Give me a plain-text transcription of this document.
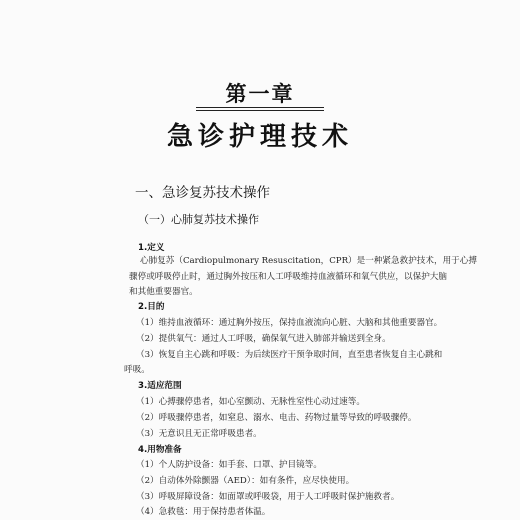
第一章
急诊护理技术
一、急诊复苏技术操作
（一）心肺复苏技术操作
1.定义
心肺复苏（Cardiopulmonary Resuscitation，CPR）是一种紧急救护技术，用于心搏
骤停或呼吸停止时，通过胸外按压和人工呼吸维持血液循环和氧气供应，以保护大脑
和其他重要器官。
2.目的
（1）维持血液循环：通过胸外按压，保持血液流向心脏、大脑和其他重要器官。
（2）提供氧气：通过人工呼吸，确保氧气进入肺部并输送到全身。
（3）恢复自主心跳和呼吸：为后续医疗干预争取时间，直至患者恢复自主心跳和
呼吸。
3.适应范围
（1）心搏骤停患者，如心室颤动、无脉性室性心动过速等。
（2）呼吸骤停患者，如窒息、溺水、电击、药物过量等导致的呼吸骤停。
（3）无意识且无正常呼吸患者。
4.用物准备
（1）个人防护设备：如手套、口罩、护目镜等。
（2）自动体外除颤器（AED）：如有条件，应尽快使用。
（3）呼吸屏障设备：如面罩或呼吸袋，用于人工呼吸时保护施救者。
（4）急救毯：用于保持患者体温。
